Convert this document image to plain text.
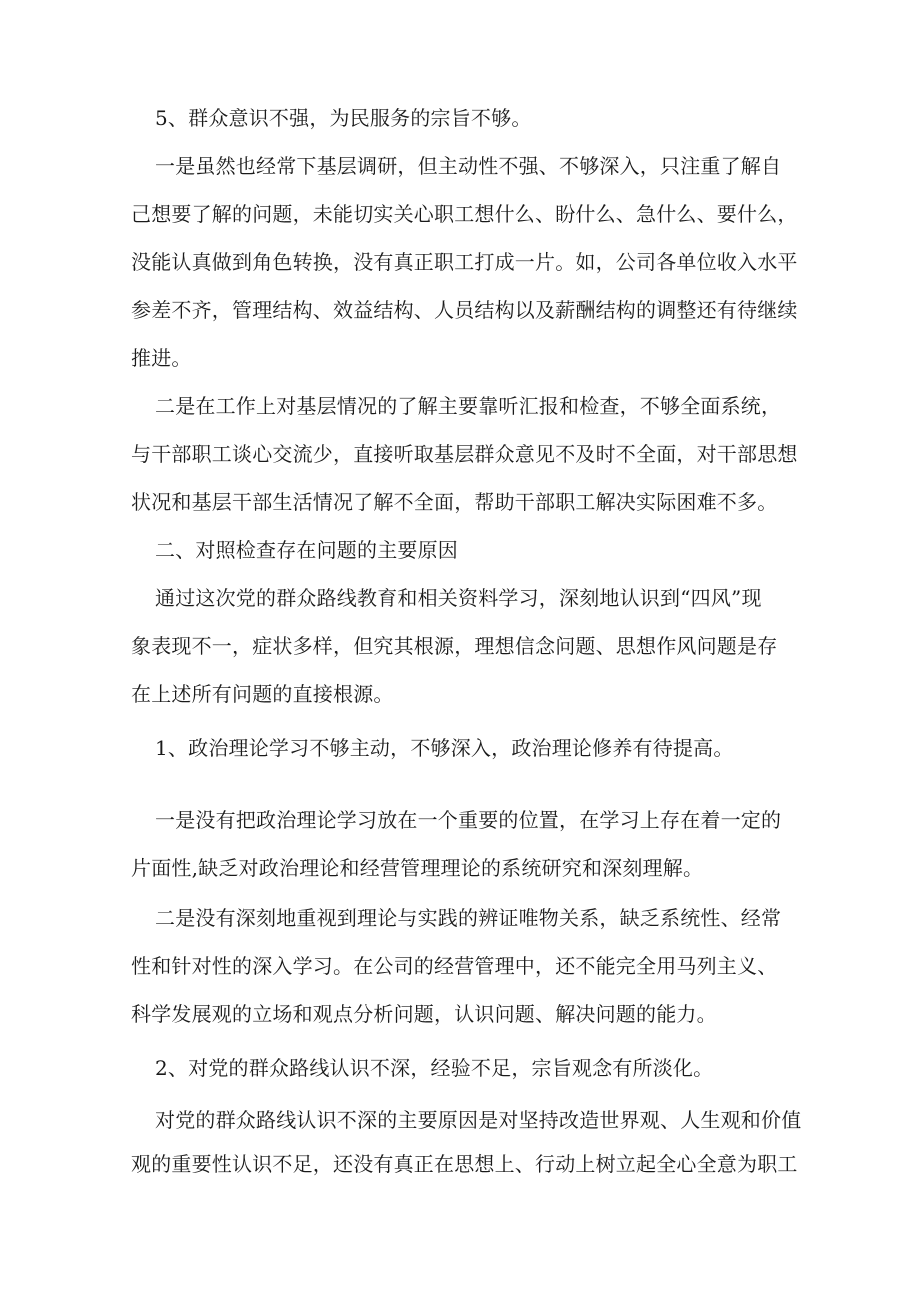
5、群众意识不强，为民服务的宗旨不够。
一是虽然也经常下基层调研，但主动性不强、不够深入，只注重了解自
己想要了解的问题，未能切实关心职工想什么、盼什么、急什么、要什么，
没能认真做到角色转换，没有真正职工打成一片。如，公司各单位收入水平
参差不齐，管理结构、效益结构、人员结构以及薪酬结构的调整还有待继续
推进。
二是在工作上对基层情况的了解主要靠听汇报和检查，不够全面系统，
与干部职工谈心交流少，直接听取基层群众意见不及时不全面，对干部思想
状况和基层干部生活情况了解不全面，帮助干部职工解决实际困难不多。
二、对照检查存在问题的主要原因
通过这次党的群众路线教育和相关资料学习，深刻地认识到“四风”现
象表现不一，症状多样，但究其根源，理想信念问题、思想作风问题是存
在上述所有问题的直接根源。
1、政治理论学习不够主动，不够深入，政治理论修养有待提高。
一是没有把政治理论学习放在一个重要的位置，在学习上存在着一定的
片面性,缺乏对政治理论和经营管理理论的系统研究和深刻理解。
二是没有深刻地重视到理论与实践的辨证唯物关系，缺乏系统性、经常
性和针对性的深入学习。在公司的经营管理中，还不能完全用马列主义、
科学发展观的立场和观点分析问题，认识问题、解决问题的能力。
2、对党的群众路线认识不深，经验不足，宗旨观念有所淡化。
对党的群众路线认识不深的主要原因是对坚持改造世界观、人生观和价值
观的重要性认识不足，还没有真正在思想上、行动上树立起全心全意为职工
